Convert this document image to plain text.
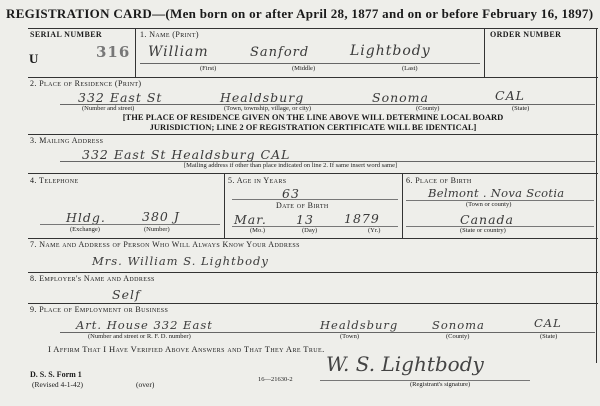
REGISTRATION CARD—(Men born on or after April 28, 1877 and on or before February 16, 1897)
SERIAL NUMBER
U	316
1. Name (Print)	ORDER NUMBER
William	Sanford	Lightbody
(First)	(Middle)	(Last)
2. Place of Residence (Print)
332 East St	Healdsburg	Sonoma	CAL
(Number and street)	(Town, township, village, or city)	(County)	(State)
[THE PLACE OF RESIDENCE GIVEN ON THE LINE ABOVE WILL DETERMINE LOCAL BOARD
JURISDICTION; LINE 2 OF REGISTRATION CERTIFICATE WILL BE IDENTICAL]
3. Mailing Address
332 East St Healdsburg CAL
[Mailing address if other than place indicated on line 2. If same insert word same]
4. Telephone
Hldg.	380 J
(Exchange)	(Number)
5. Age in Years
63
Date of Birth
Mar. 13 1879
(Mo.)	(Day)	(Yr.)
6. Place of Birth
Belmont . Nova Scotia
(Town or county)
Canada
(State or country)
7. Name and Address of Person Who Will Always Know Your Address
Mrs. William S. Lightbody
8. Employer's Name and Address
Self
9. Place of Employment or Business
Art. House 332 East	Healdsburg	Sonoma	CAL
(Number and street or R. F. D. number)	(Town)	(County)	(State)
I Affirm That I Have Verified Above Answers and That They Are True.
W. S. Lightbody
(Registrant's signature)
D. S. S. Form 1
(Revised 4-1-42)	(over)
16—21630-2
